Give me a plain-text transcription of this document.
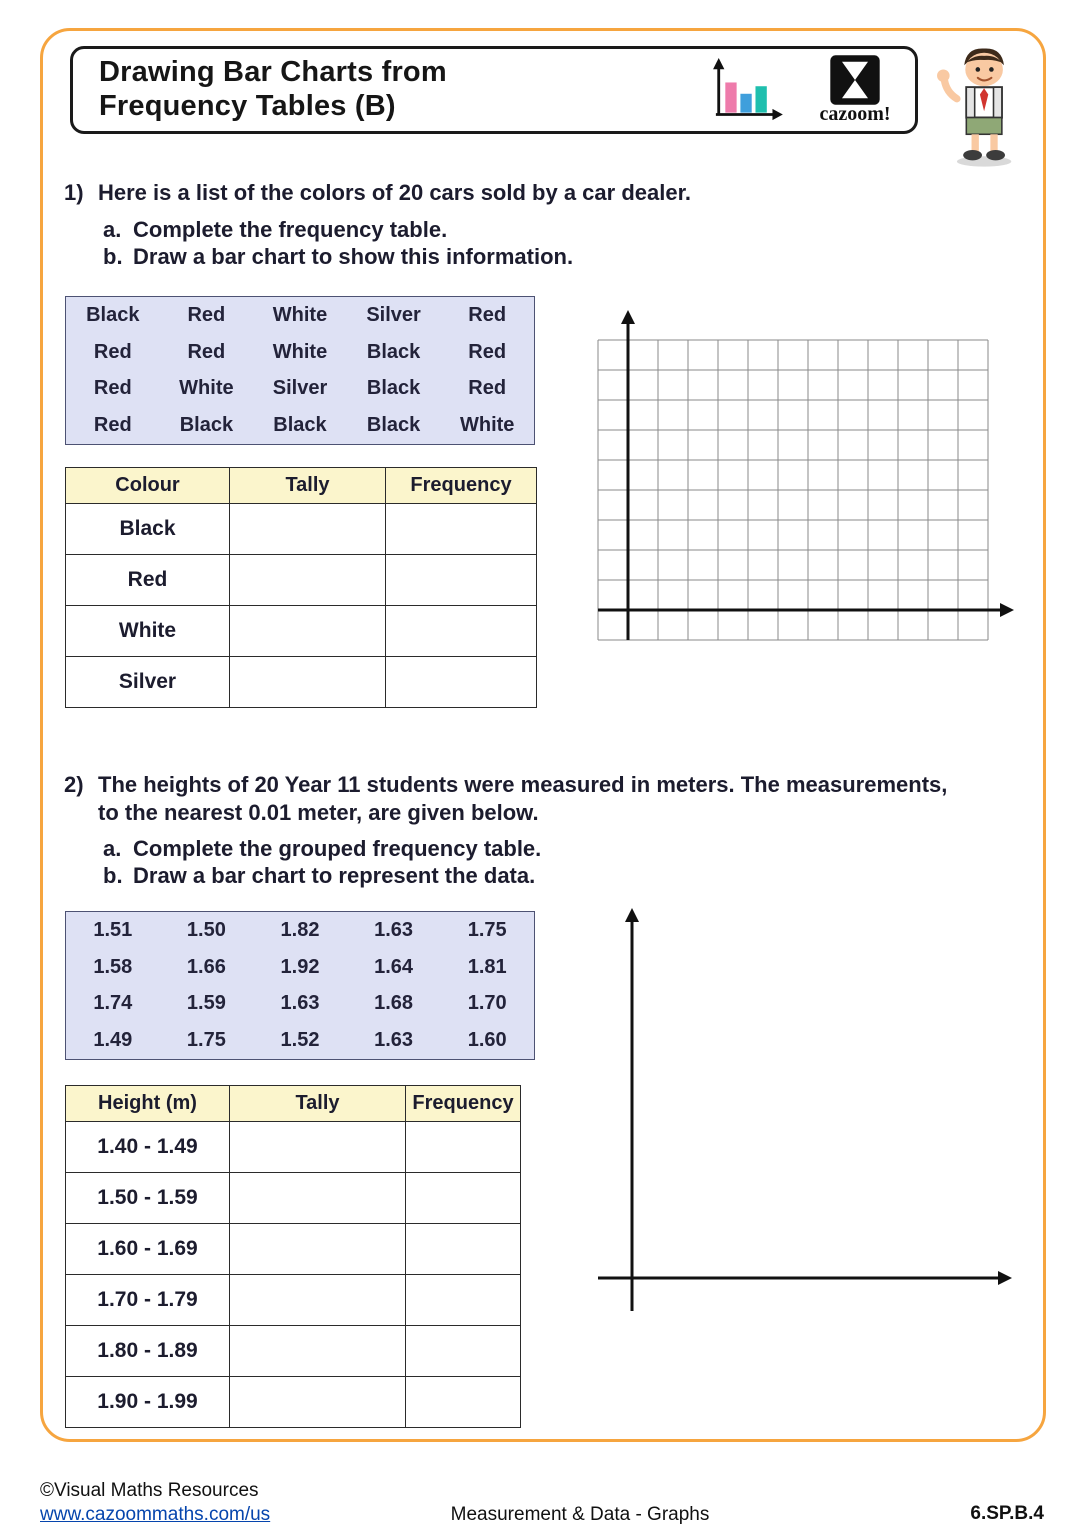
Drawing Bar Charts from
Frequency Tables (B)	cazoom!
1) Here is a list of the colors of 20 cars sold by a car dealer.
a. Complete the frequency table.
b. Draw a bar chart to show this information.
Black	Red	White	Silver	Red
Red	Red	White	Black	Red
Red	White	Silver	Black	Red
Red	Black	Black	Black	White
Colour	Tally	Frequency
Black		
Red		
White		
Silver		
2) The heights of 20 Year 11 students were measured in meters. The measurements,
to the nearest 0.01 meter, are given below.
a. Complete the grouped frequency table.
b. Draw a bar chart to represent the data.
1.51	1.50	1.82	1.63	1.75
1.58	1.66	1.92	1.64	1.81
1.74	1.59	1.63	1.68	1.70
1.49	1.75	1.52	1.63	1.60
Height (m)	Tally	Frequency
1.40 - 1.49		
1.50 - 1.59		
1.60 - 1.69		
1.70 - 1.79		
1.80 - 1.89		
1.90 - 1.99		
©Visual Maths Resources
www.cazoommaths.com/us	Measurement & Data - Graphs	6.SP.B.4
